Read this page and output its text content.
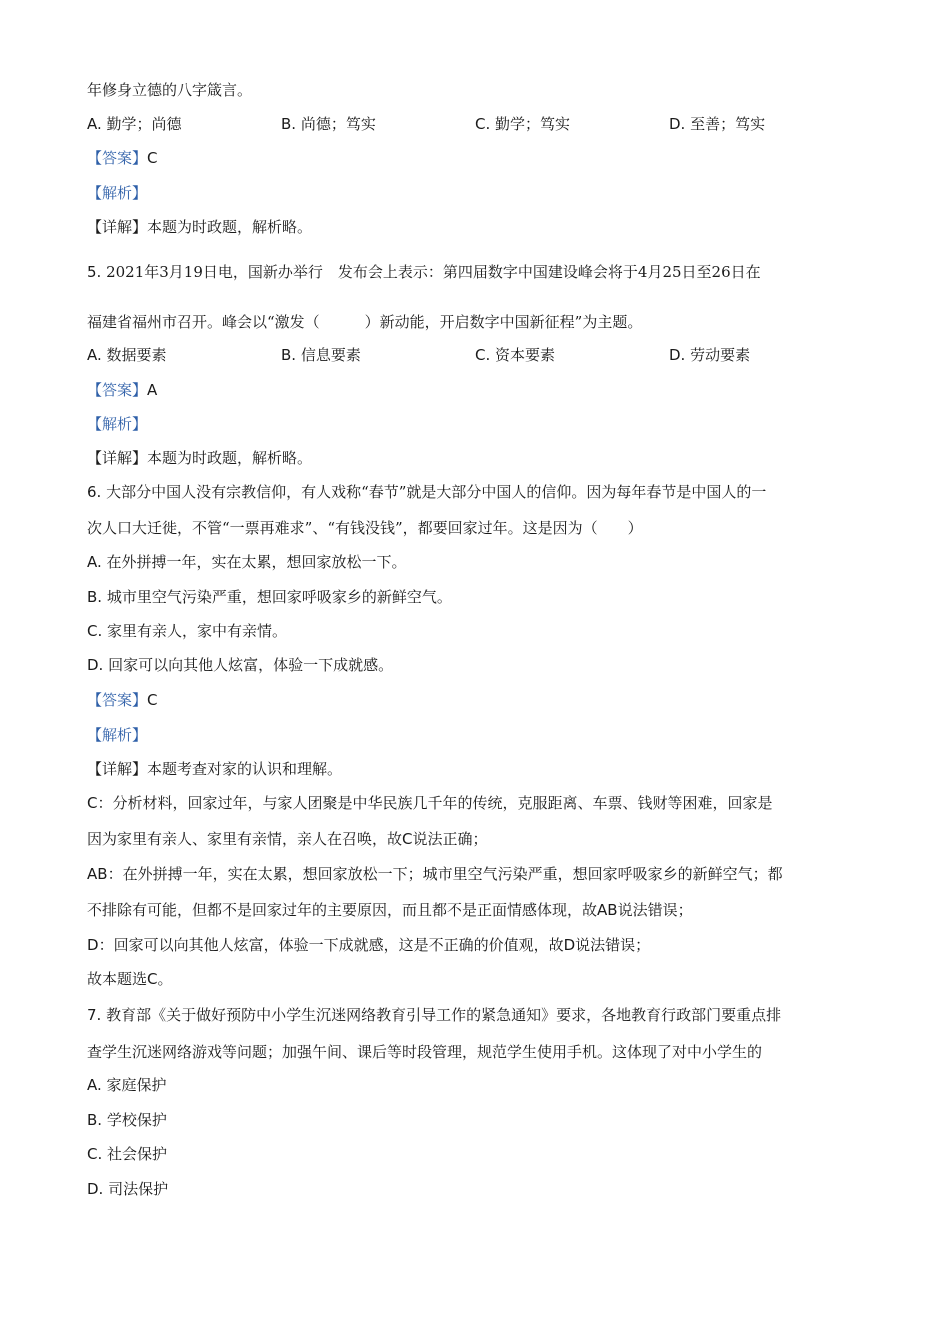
年修身立德的八字箴言。
A. 勤学；尚德	B. 尚德；笃实	C. 勤学；笃实	D. 至善；笃实
【答案】C
【解析】
【详解】本题为时政题，解析略。
5. 2021年3月19日电，国新办举行　发布会上表示：第四届数字中国建设峰会将于4月25日至26日在
福建省福州市召开。峰会以“激发（　　　）新动能，开启数字中国新征程”为主题。
A. 数据要素	B. 信息要素	C. 资本要素	D. 劳动要素
【答案】A
【解析】
【详解】本题为时政题，解析略。
6. 大部分中国人没有宗教信仰，有人戏称“春节”就是大部分中国人的信仰。因为每年春节是中国人的一
次人口大迁徙，不管“一票再难求”、“有钱没钱”，都要回家过年。这是因为（　　）
A. 在外拼搏一年，实在太累，想回家放松一下。
B. 城市里空气污染严重，想回家呼吸家乡的新鲜空气。
C. 家里有亲人，家中有亲情。
D. 回家可以向其他人炫富，体验一下成就感。
【答案】C
【解析】
【详解】本题考查对家的认识和理解。
C：分析材料，回家过年，与家人团聚是中华民族几千年的传统，克服距离、车票、钱财等困难，回家是
因为家里有亲人、家里有亲情，亲人在召唤，故C说法正确；
AB：在外拼搏一年，实在太累，想回家放松一下；城市里空气污染严重，想回家呼吸家乡的新鲜空气；都
不排除有可能，但都不是回家过年的主要原因，而且都不是正面情感体现，故AB说法错误；
D：回家可以向其他人炫富，体验一下成就感，这是不正确的价值观，故D说法错误；
故本题选C。
7. 教育部《关于做好预防中小学生沉迷网络教育引导工作的紧急通知》要求，各地教育行政部门要重点排
查学生沉迷网络游戏等问题；加强午间、课后等时段管理，规范学生使用手机。这体现了对中小学生的
A. 家庭保护
B. 学校保护
C. 社会保护
D. 司法保护
